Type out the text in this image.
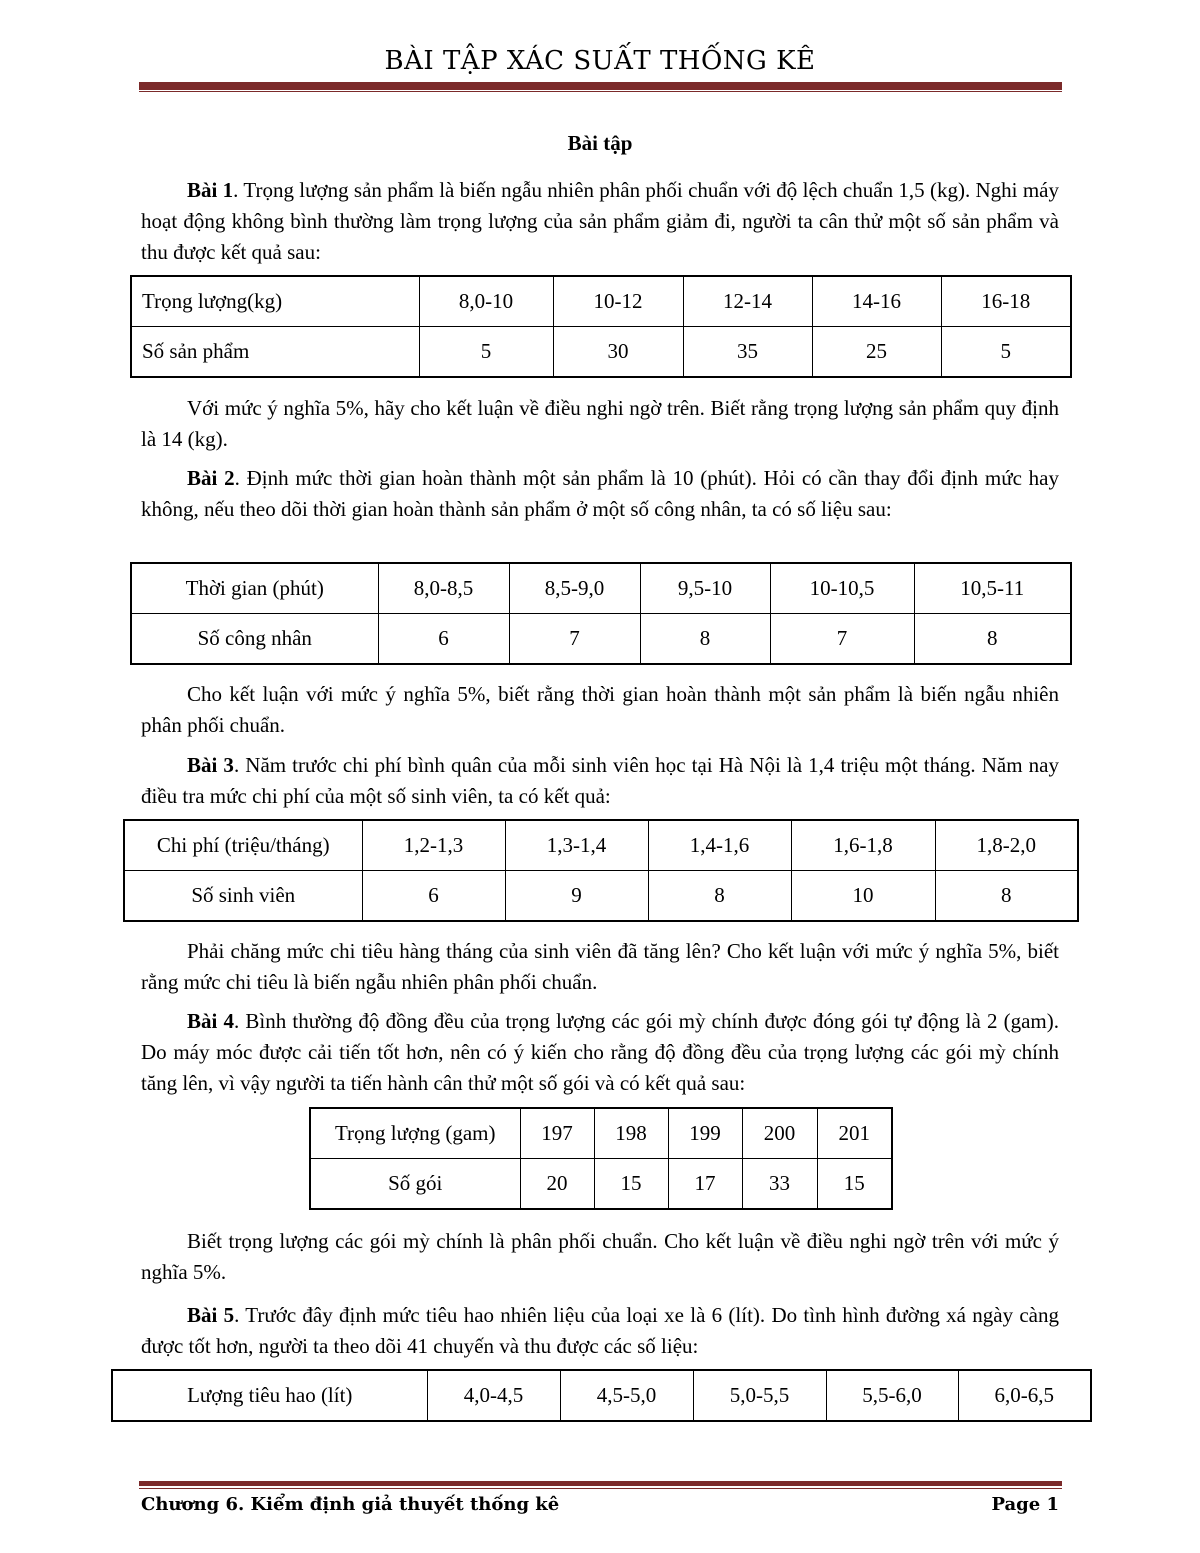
BÀI TẬP XÁC SUẤT THỐNG KÊ
Bài tập

Bài 1. Trọng lượng sản phẩm là biến ngẫu nhiên phân phối chuẩn với độ lệch chuẩn 1,5 (kg). Nghi máy hoạt động không bình thường làm trọng lượng của sản phẩm giảm đi, người ta cân thử một số sản phẩm và thu được kết quả sau:

Trọng lượng(kg)	8,0-10	10-12	12-14	14-16	16-18
Số sản phẩm	5	30	35	25	5

Với mức ý nghĩa 5%, hãy cho kết luận về điều nghi ngờ trên. Biết rằng trọng lượng sản phẩm quy định là 14 (kg).

Bài 2. Định mức thời gian hoàn thành một sản phẩm là 10 (phút). Hỏi có cần thay đổi định mức hay không, nếu theo dõi thời gian hoàn thành sản phẩm ở một số công nhân, ta có số liệu sau:

Thời gian (phút)	8,0-8,5	8,5-9,0	9,5-10	10-10,5	10,5-11
Số công nhân	6	7	8	7	8

Cho kết luận với mức ý nghĩa 5%, biết rằng thời gian hoàn thành một sản phẩm là biến ngẫu nhiên phân phối chuẩn.

Bài 3. Năm trước chi phí bình quân của mỗi sinh viên học tại Hà Nội là 1,4 triệu một tháng. Năm nay điều tra mức chi phí của một số sinh viên, ta có kết quả:

Chi phí (triệu/tháng)	1,2-1,3	1,3-1,4	1,4-1,6	1,6-1,8	1,8-2,0
Số sinh viên	6	9	8	10	8

Phải chăng mức chi tiêu hàng tháng của sinh viên đã tăng lên? Cho kết luận với mức ý nghĩa 5%, biết rằng mức chi tiêu là biến ngẫu nhiên phân phối chuẩn.

Bài 4. Bình thường độ đồng đều của trọng lượng các gói mỳ chính được đóng gói tự động là 2 (gam). Do máy móc được cải tiến tốt hơn, nên có ý kiến cho rằng độ đồng đều của trọng lượng các gói mỳ chính tăng lên, vì vậy người ta tiến hành cân thử một số gói và có kết quả sau:

Trọng lượng (gam)	197	198	199	200	201
Số gói	20	15	17	33	15

Biết trọng lượng các gói mỳ chính là phân phối chuẩn. Cho kết luận về điều nghi ngờ trên với mức ý nghĩa 5%.

Bài 5. Trước đây định mức tiêu hao nhiên liệu của loại xe là 6 (lít). Do tình hình đường xá ngày càng được tốt hơn, người ta theo dõi 41 chuyến và thu được các số liệu:

Lượng tiêu hao (lít)	4,0-4,5	4,5-5,0	5,0-5,5	5,5-6,0	6,0-6,5
Chương 6. Kiểm định giả thuyết thống kê	Page 1
